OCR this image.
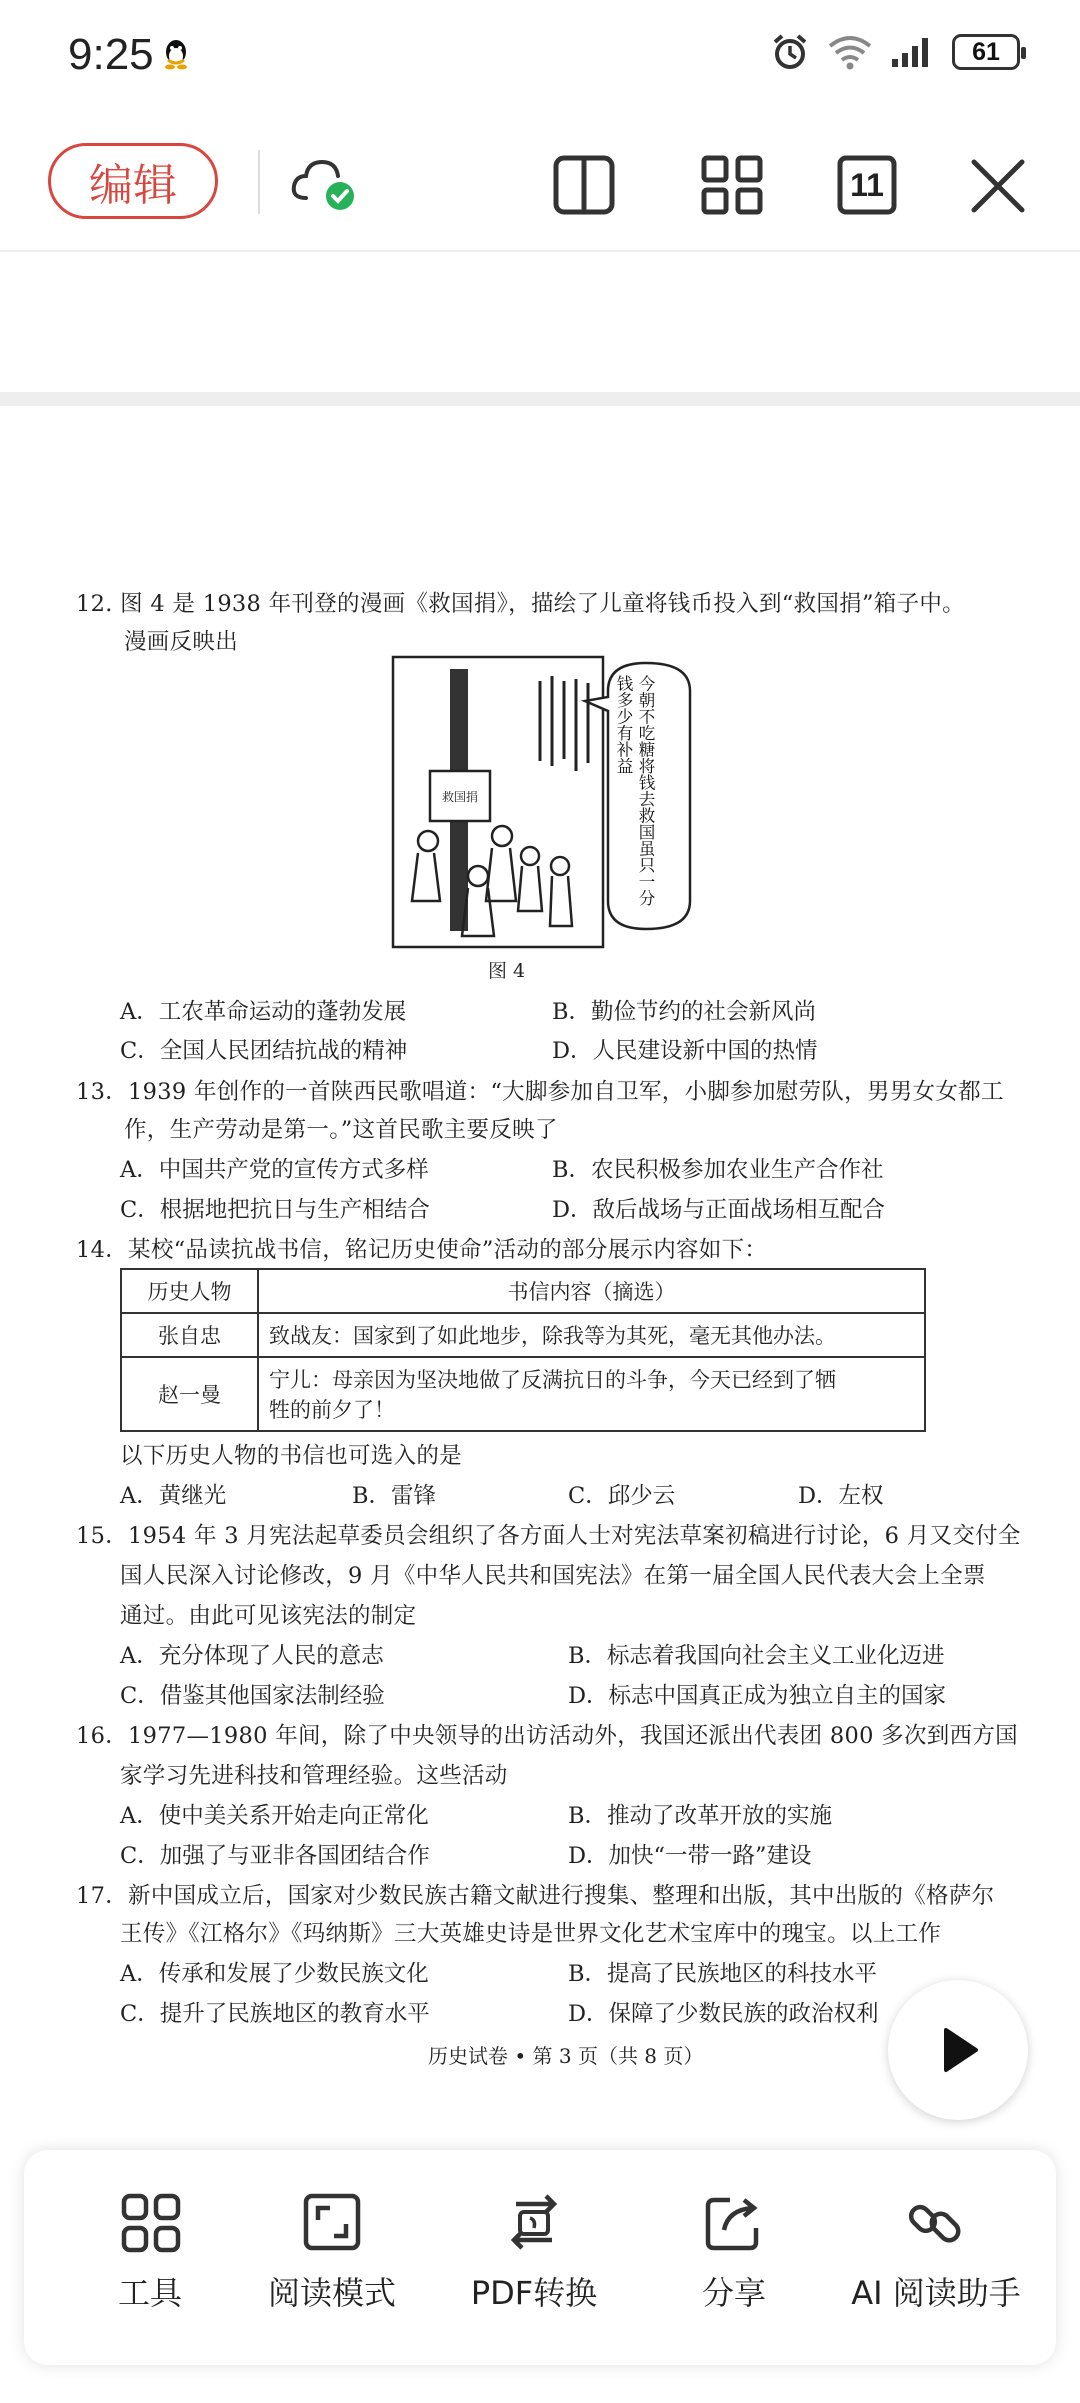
9:25	61
编辑	11
12. 图 4 是 1938 年刊登的漫画《救国捐》，描绘了儿童将钱币投入到“救国捐”箱子中。
漫画反映出
救国捐	今朝不吃糖将钱去救国虽只一分钱多少有补益
图 4
A．工农革命运动的蓬勃发展	B．勤俭节约的社会新风尚
C．全国人民团结抗战的精神	D．人民建设新中国的热情
13．1939 年创作的一首陕西民歌唱道：“大脚参加自卫军，小脚参加慰劳队，男男女女都工
作，生产劳动是第一。”这首民歌主要反映了
A．中国共产党的宣传方式多样	B．农民积极参加农业生产合作社
C．根据地把抗日与生产相结合	D．敌后战场与正面战场相互配合
14．某校“品读抗战书信，铭记历史使命”活动的部分展示内容如下：
历史人物	书信内容（摘选）
张自忠	致战友：国家到了如此地步，除我等为其死，毫无其他办法。
赵一曼	宁儿：母亲因为坚决地做了反满抗日的斗争，今天已经到了牺
牲的前夕了！
以下历史人物的书信也可选入的是
A．黄继光	B．雷锋	C．邱少云	D．左权
15．1954 年 3 月宪法起草委员会组织了各方面人士对宪法草案初稿进行讨论，6 月又交付全
国人民深入讨论修改，9 月《中华人民共和国宪法》在第一届全国人民代表大会上全票
通过。由此可见该宪法的制定
A．充分体现了人民的意志	B．标志着我国向社会主义工业化迈进
C．借鉴其他国家法制经验	D．标志中国真正成为独立自主的国家
16．1977—1980 年间，除了中央领导的出访活动外，我国还派出代表团 800 多次到西方国
家学习先进科技和管理经验。这些活动
A．使中美关系开始走向正常化	B．推动了改革开放的实施
C．加强了与亚非各国团结合作	D．加快“一带一路”建设
17．新中国成立后，国家对少数民族古籍文献进行搜集、整理和出版，其中出版的《格萨尔
王传》《江格尔》《玛纳斯》三大英雄史诗是世界文化艺术宝库中的瑰宝。以上工作
A．传承和发展了少数民族文化	B．提高了民族地区的科技水平
C．提升了民族地区的教育水平	D．保障了少数民族的政治权利
历史试卷 • 第 3 页（共 8 页）
工具	阅读模式	PDF转换	分享	AI 阅读助手
